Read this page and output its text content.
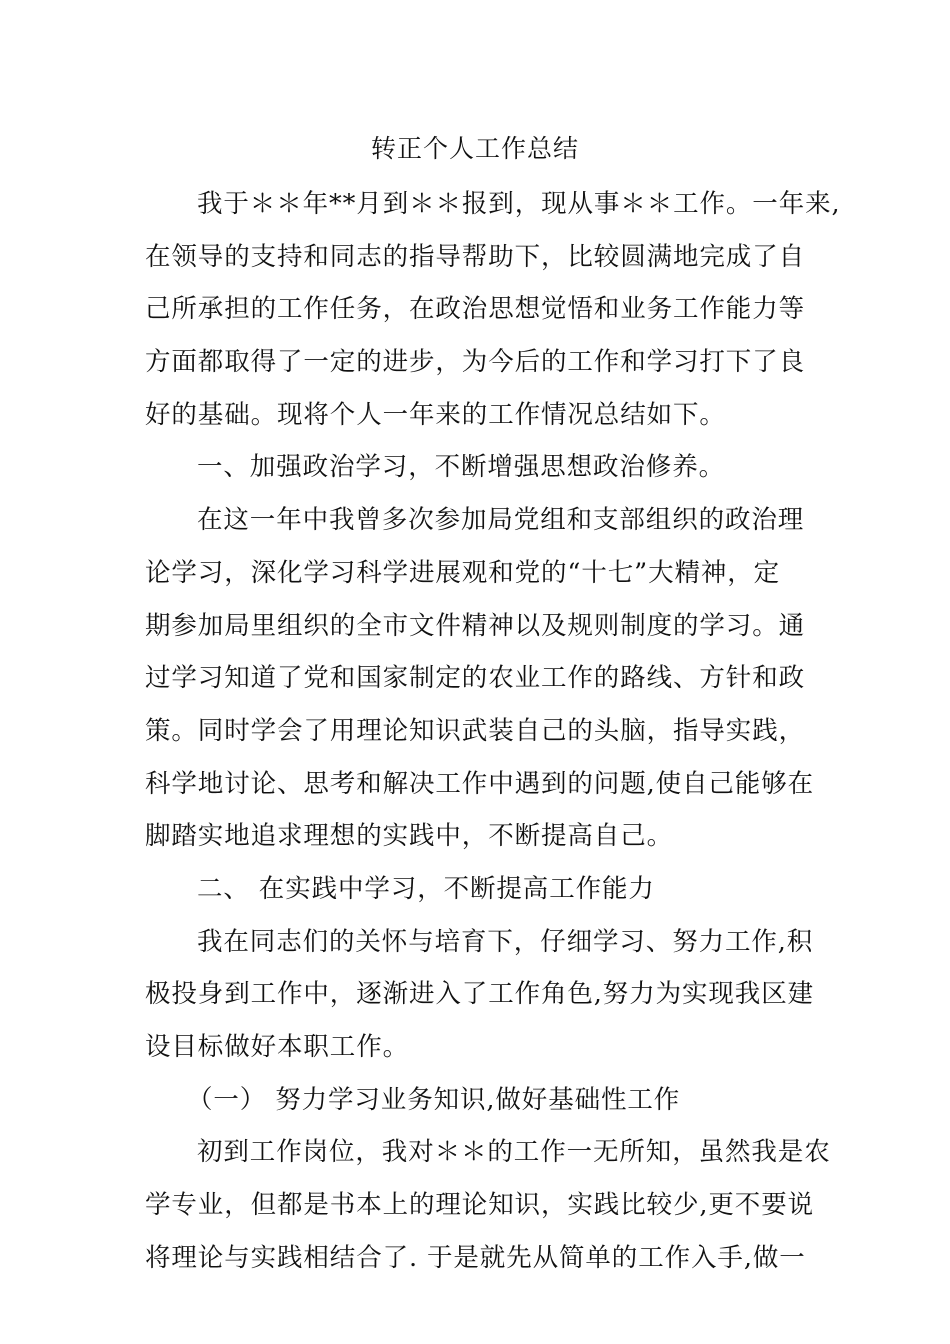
转正个人工作总结
我于＊＊年**月到＊＊报到，现从事＊＊工作。一年来,
在领导的支持和同志的指导帮助下，比较圆满地完成了自
己所承担的工作任务，在政治思想觉悟和业务工作能力等
方面都取得了一定的进步，为今后的工作和学习打下了良
好的基础。现将个人一年来的工作情况总结如下。
一、加强政治学习，不断增强思想政治修养。
在这一年中我曾多次参加局党组和支部组织的政治理
论学习，深化学习科学进展观和党的“十七”大精神，定
期参加局里组织的全市文件精神以及规则制度的学习。通
过学习知道了党和国家制定的农业工作的路线、方针和政
策。同时学会了用理论知识武装自己的头脑，指导实践，
科学地讨论、思考和解决工作中遇到的问题,使自己能够在
脚踏实地追求理想的实践中，不断提高自己。
二、 在实践中学习，不断提高工作能力
我在同志们的关怀与培育下，仔细学习、努力工作,积
极投身到工作中，逐渐进入了工作角色,努力为实现我区建
设目标做好本职工作。
（一） 努力学习业务知识,做好基础性工作
初到工作岗位，我对＊＊的工作一无所知，虽然我是农
学专业，但都是书本上的理论知识，实践比较少,更不要说
将理论与实践相结合了. 于是就先从简单的工作入手,做一
